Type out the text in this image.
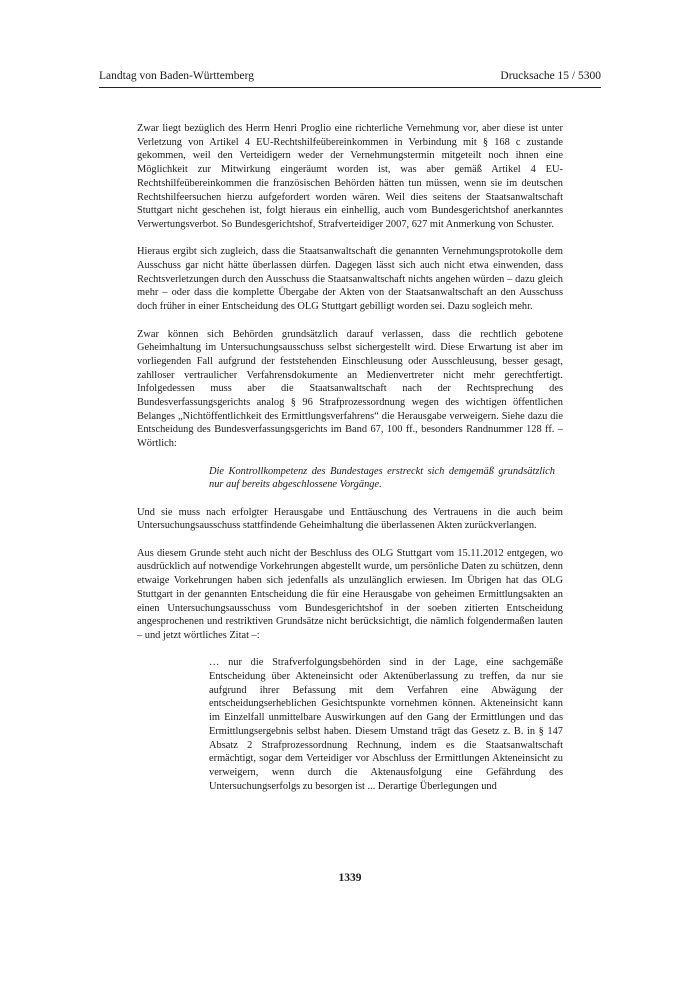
Landtag von Baden-Württemberg	Drucksache 15 / 5300

Zwar liegt bezüglich des Herrn Henri Proglio eine richterliche Vernehmung vor, aber diese ist unter Verletzung von Artikel 4 EU-Rechtshilfeübereinkommen in Verbindung mit § 168 c zustande gekommen, weil den Verteidigern weder der Vernehmungstermin mitgeteilt noch ihnen eine Möglichkeit zur Mitwirkung eingeräumt worden ist, was aber gemäß Artikel 4 EU-Rechtshilfeübereinkommen die französischen Behörden hätten tun müssen, wenn sie im deutschen Rechtshilfeersuchen hierzu aufgefordert worden wären. Weil dies seitens der Staatsanwaltschaft Stuttgart nicht geschehen ist, folgt hieraus ein einhellig, auch vom Bundesgerichtshof anerkanntes Verwertungsverbot. So Bundesgerichtshof, Strafverteidiger 2007, 627 mit Anmerkung von Schuster.

Hieraus ergibt sich zugleich, dass die Staatsanwaltschaft die genannten Vernehmungsprotokolle dem Ausschuss gar nicht hätte überlassen dürfen. Dagegen lässt sich auch nicht etwa einwenden, dass Rechtsverletzungen durch den Ausschuss die Staatsanwaltschaft nichts angehen würden – dazu gleich mehr – oder dass die komplette Übergabe der Akten von der Staatsanwaltschaft an den Ausschuss doch früher in einer Entscheidung des OLG Stuttgart gebilligt worden sei. Dazu sogleich mehr.

Zwar können sich Behörden grundsätzlich darauf verlassen, dass die rechtlich gebotene Geheimhaltung im Untersuchungsausschuss selbst sichergestellt wird. Diese Erwartung ist aber im vorliegenden Fall aufgrund der feststehenden Einschleusung oder Ausschleusung, besser gesagt, zahlloser vertraulicher Verfahrensdokumente an Medienvertreter nicht mehr gerechtfertigt. Infolgedessen muss aber die Staatsanwaltschaft nach der Rechtsprechung des Bundesverfassungsgerichts analog § 96 Strafprozessordnung wegen des wichtigen öffentlichen Belanges „Nichtöffentlichkeit des Ermittlungsverfahrens“ die Herausgabe verweigern. Siehe dazu die Entscheidung des Bundesverfassungsgerichts im Band 67, 100 ff., besonders Randnummer 128 ff. – Wörtlich:

Die Kontrollkompetenz des Bundestages erstreckt sich demgemäß grundsätzlich nur auf bereits abgeschlossene Vorgänge.

Und sie muss nach erfolgter Herausgabe und Enttäuschung des Vertrauens in die auch beim Untersuchungsausschuss stattfindende Geheimhaltung die überlassenen Akten zurückverlangen.

Aus diesem Grunde steht auch nicht der Beschluss des OLG Stuttgart vom 15.11.2012 entgegen, wo ausdrücklich auf notwendige Vorkehrungen abgestellt wurde, um persönliche Daten zu schützen, denn etwaige Vorkehrungen haben sich jedenfalls als unzulänglich erwiesen. Im Übrigen hat das OLG Stuttgart in der genannten Entscheidung die für eine Herausgabe von geheimen Ermittlungsakten an einen Untersuchungsausschuss vom Bundesgerichtshof in der soeben zitierten Entscheidung angesprochenen und restriktiven Grundsätze nicht berücksichtigt, die nämlich folgendermaßen lauten – und jetzt wörtliches Zitat –:

… nur die Strafverfolgungsbehörden sind in der Lage, eine sachgemäße Entscheidung über Akteneinsicht oder Aktenüberlassung zu treffen, da nur sie aufgrund ihrer Befassung mit dem Verfahren eine Abwägung der entscheidungserheblichen Gesichtspunkte vornehmen können. Akteneinsicht kann im Einzelfall unmittelbare Auswirkungen auf den Gang der Ermittlungen und das Ermittlungsergebnis selbst haben. Diesem Umstand trägt das Gesetz z. B. in § 147 Absatz 2 Strafprozessordnung Rechnung, indem es die Staatsanwaltschaft ermächtigt, sogar dem Verteidiger vor Abschluss der Ermittlungen Akteneinsicht zu verweigern, wenn durch die Aktenausfolgung eine Gefährdung des Untersuchungserfolgs zu besorgen ist ... Derartige Überlegungen und

1339
